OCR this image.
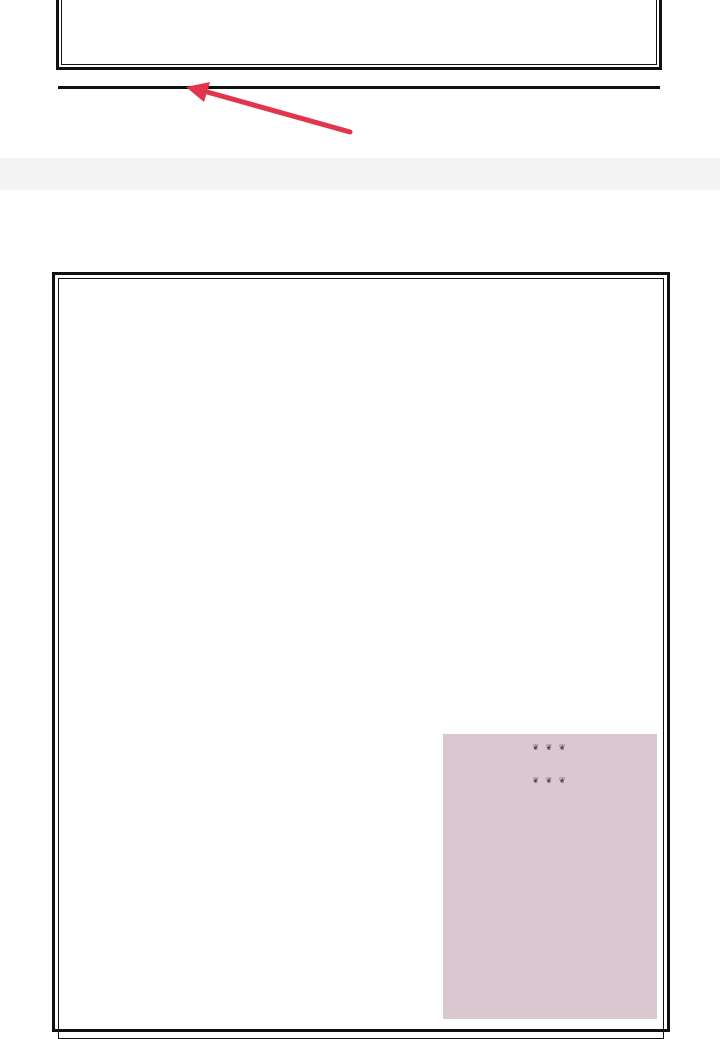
❦ ❦ ❦
❦ ❦ ❦
